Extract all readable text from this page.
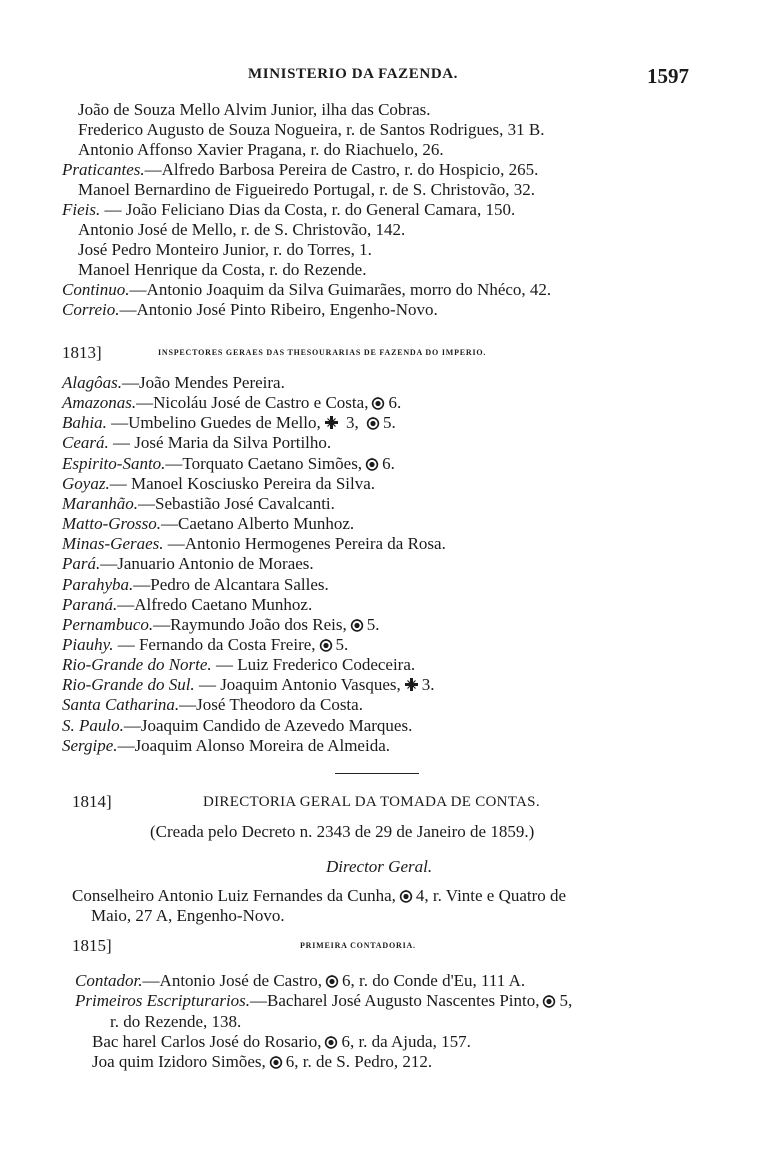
MINISTERIO DA FAZENDA.	1597
João de Souza Mello Alvim Junior, ilha das Cobras.
Frederico Augusto de Souza Nogueira, r. de Santos Rodrigues, 31 B.
Antonio Affonso Xavier Pragana, r. do Riachuelo, 26.
Praticantes.—Alfredo Barbosa Pereira de Castro, r. do Hospicio, 265.
Manoel Bernardino de Figueiredo Portugal, r. de S. Christovão, 32.
Fieis. — João Feliciano Dias da Costa, r. do General Camara, 150.
Antonio José de Mello, r. de S. Christovão, 142.
José Pedro Monteiro Junior, r. do Torres, 1.
Manoel Henrique da Costa, r. do Rezende.
Continuo.—Antonio Joaquim da Silva Guimarães, morro do Nhéco, 42.
Correio.—Antonio José Pinto Ribeiro, Engenho-Novo.
1813]	INSPECTORES GERAES DAS THESOURARIAS DE FAZENDA DO IMPERIO.
Alagôas.—João Mendes Pereira.
Amazonas.—Nicoláu José de Castro e Costa, 6.
Bahia. —Umbelino Guedes de Mello, 3, 5.
Ceará. — José Maria da Silva Portilho.
Espirito-Santo.—Torquato Caetano Simões, 6.
Goyaz.— Manoel Kosciusko Pereira da Silva.
Maranhão.—Sebastião José Cavalcanti.
Matto-Grosso.—Caetano Alberto Munhoz.
Minas-Geraes. —Antonio Hermogenes Pereira da Rosa.
Pará.—Januario Antonio de Moraes.
Parahyba.—Pedro de Alcantara Salles.
Paraná.—Alfredo Caetano Munhoz.
Pernambuco.—Raymundo João dos Reis, 5.
Piauhy. — Fernando da Costa Freire, 5.
Rio-Grande do Norte. — Luiz Frederico Codeceira.
Rio-Grande do Sul. — Joaquim Antonio Vasques, 3.
Santa Catharina.—José Theodoro da Costa.
S. Paulo.—Joaquim Candido de Azevedo Marques.
Sergipe.—Joaquim Alonso Moreira de Almeida.
1814]	DIRECTORIA GERAL DA TOMADA DE CONTAS.
(Creada pelo Decreto n. 2343 de 29 de Janeiro de 1859.)
Director Geral.
Conselheiro Antonio Luiz Fernandes da Cunha, 4, r. Vinte e Quatro de
Maio, 27 A, Engenho-Novo.
1815]	PRIMEIRA CONTADORIA.
Contador.—Antonio José de Castro, 6, r. do Conde d'Eu, 111 A.
Primeiros Escripturarios.—Bacharel José Augusto Nascentes Pinto, 5,
r. do Rezende, 138.
Bac harel Carlos José do Rosario, 6, r. da Ajuda, 157.
Joa quim Izidoro Simões, 6, r. de S. Pedro, 212.
